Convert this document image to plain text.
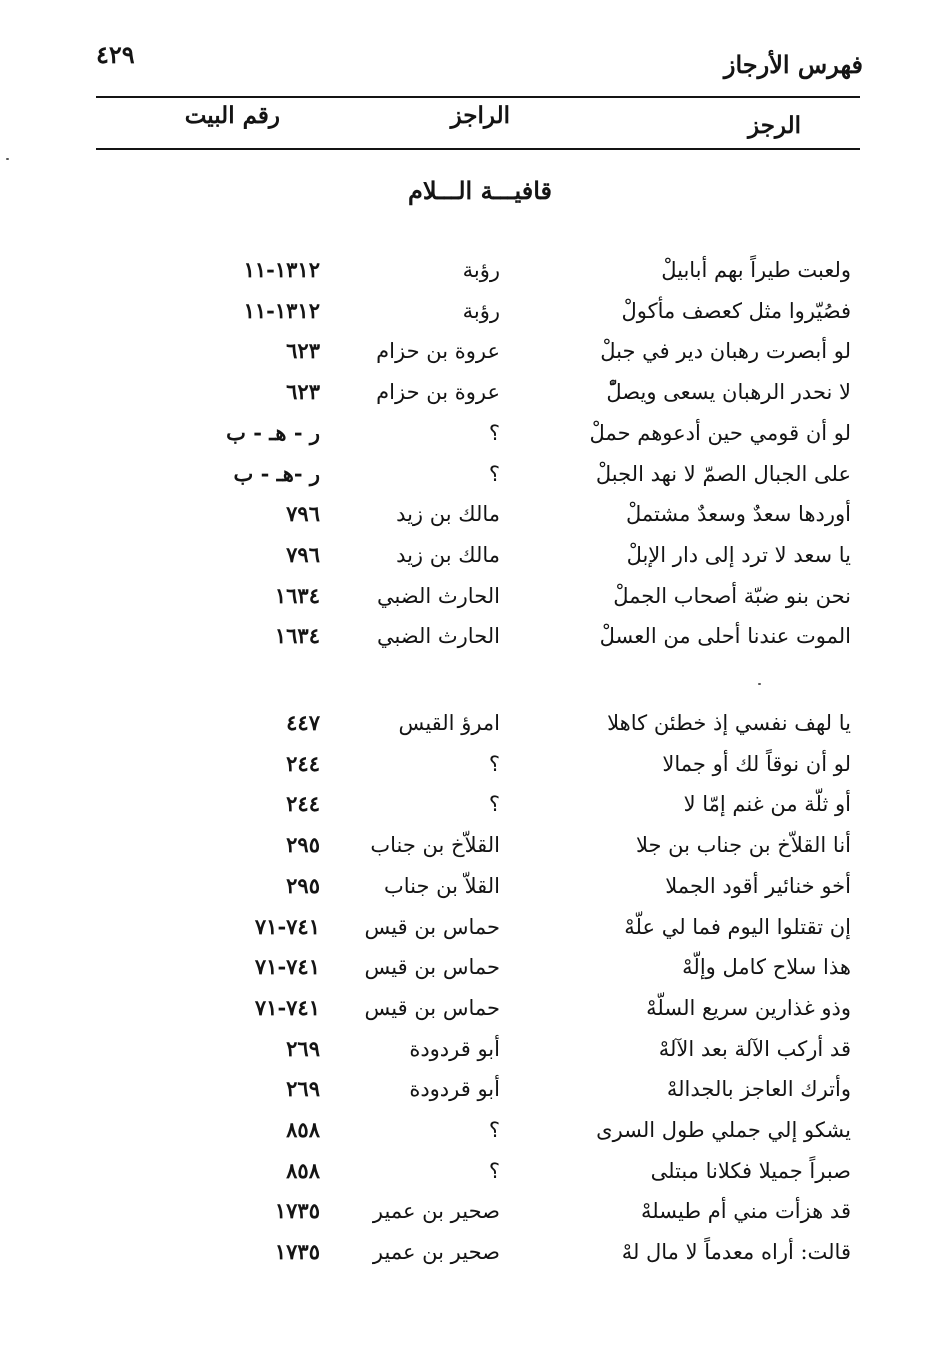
٤٢٩	فهرس الأرجاز
الرجز
الراجز
رقم البيت
قافيـــة الـــلام
ولعبت طيراً بهم أبابيلْ
رؤبة
١٣١٢-١١
فصُيّروا مثل كعصف مأكولْ
رؤبة
١٣١٢-١١
لو أبصرت رهبان دير في جبلْ
عروة بن حزام
٦٢٣
لا نحدر الرهبان يسعى ويصلّْ
عروة بن حزام
٦٢٣
لو أن قومي حين أدعوهم حملْ
؟
ر - هـ - ب
على الجبال الصمّ لا نهد الجبلْ
؟
ر -هـ - ب
أوردها سعدٌ وسعدٌ مشتملْ
مالك بن زيد
٧٩٦
يا سعد لا ترد إلى دار الإبلْ
مالك بن زيد
٧٩٦
نحن بنو ضبّة أصحاب الجملْ
الحارث الضبي
١٦٣٤
الموت عندنا أحلى من العسلْ
الحارث الضبي
١٦٣٤
يا لهف نفسي إذ خطئن كاهلا
امرؤ القيس
٤٤٧
لو أن نوقاً لك أو جمالا
؟
٢٤٤
أو ثلّة من غنم إمّا لا
؟
٢٤٤
أنا القلاّخ بن جناب بن جلا
القلاّخ بن جناب
٢٩٥
أخو خنائير أقود الجملا
القلاّ بن جناب
٢٩٥
إن تقتلوا اليوم فما لي علّهْ
حماس بن قيس
٧٤١-٧١
هذا سلاح كامل وإلّهْ
حماس بن قيس
٧٤١-٧١
وذو غذارين سريع السلّهْ
حماس بن قيس
٧٤١-٧١
قد أركب الآلة بعد الآلهْ
أبو قردودة
٢٦٩
وأترك العاجز بالجدالهْ
أبو قردودة
٢٦٩
يشكو إلي جملي طول السرى
؟
٨٥٨
صبراً جميلا فكلانا مبتلى
؟
٨٥٨
قد هزأت مني أم طيسلهْ
صحير بن عمير
١٧٣٥
قالت: أراه معدماً لا مال لهْ
صحير بن عمير
١٧٣٥
